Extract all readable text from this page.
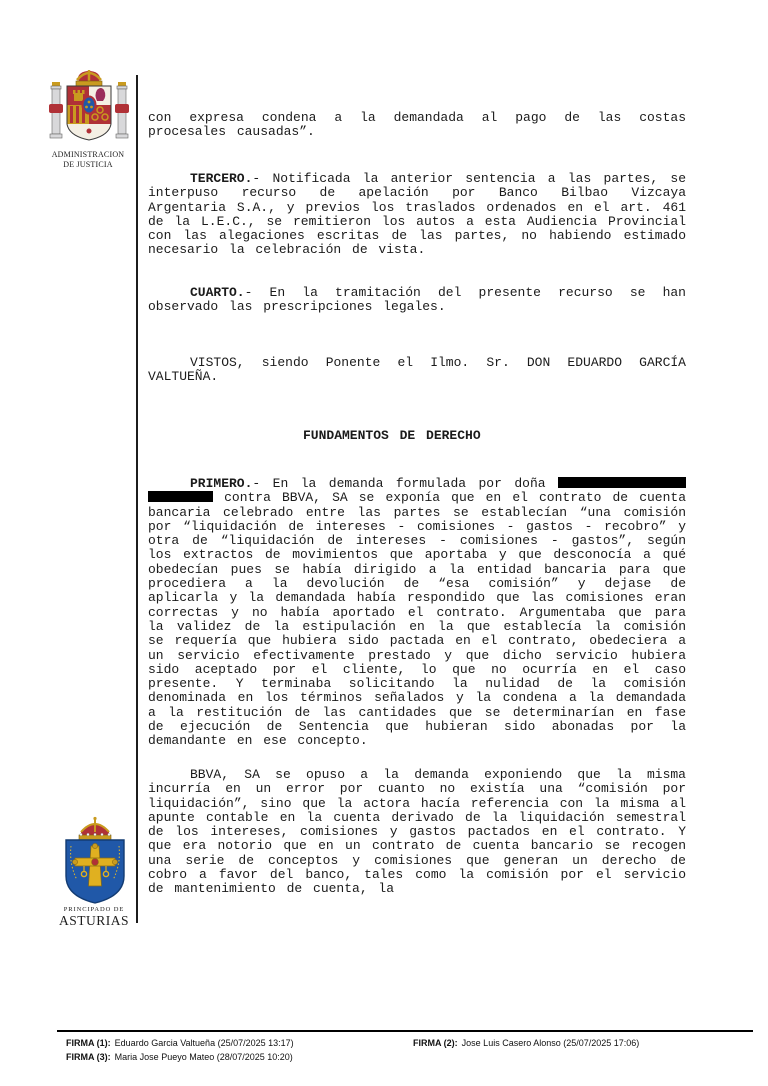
ADMINISTRACION
DE JUSTICIA
PRINCIPADO DE
ASTURIAS

con expresa condena a la demandada al pago de las costas procesales causadas”.

TERCERO.- Notificada la anterior sentencia a las partes, se interpuso recurso de apelación por Banco Bilbao Vizcaya Argentaria S.A., y previos los traslados ordenados en el art. 461 de la L.E.C., se remitieron los autos a esta Audiencia Provincial con las alegaciones escritas de las partes, no habiendo estimado necesario la celebración de vista.

CUARTO.- En la tramitación del presente recurso se han observado las prescripciones legales.

VISTOS, siendo Ponente el Ilmo. Sr. DON EDUARDO GARCÍA VALTUEÑA.

FUNDAMENTOS DE DERECHO

PRIMERO.- En la demanda formulada por doña   contra BBVA, SA se exponía que en el contrato de cuenta bancaria celebrado entre las partes se establecían “una comisión por “liquidación de intereses - comisiones - gastos - recobro” y otra de “liquidación de intereses - comisiones - gastos”, según los extractos de movimientos que aportaba y que desconocía a qué obedecían pues se había dirigido a la entidad bancaria para que procediera a la devolución de “esa comisión” y dejase de aplicarla y la demandada había respondido que las comisiones eran correctas y no había aportado el contrato. Argumentaba que para la validez de la estipulación en la que establecía la comisión se requería que hubiera sido pactada en el contrato, obedeciera a un servicio efectivamente prestado y que dicho servicio hubiera sido aceptado por el cliente, lo que no ocurría en el caso presente. Y terminaba solicitando la nulidad de la comisión denominada en los términos señalados y la condena a la demandada a la restitución de las cantidades que se determinarían en fase de ejecución de Sentencia que hubieran sido abonadas por la demandante en ese concepto.

BBVA, SA se opuso a la demanda exponiendo que la misma incurría en un error por cuanto no existía una “comisión por liquidación”, sino que la actora hacía referencia con la misma al apunte contable en la cuenta derivado de la liquidación semestral de los intereses, comisiones y gastos pactados en el contrato. Y que era notorio que en un contrato de cuenta bancario se recogen una serie de conceptos y comisiones que generan un derecho de cobro a favor del banco, tales como la comisión por el servicio de mantenimiento de cuenta, la

FIRMA (1): Eduardo Garcia Valtueña (25/07/2025 13:17)	FIRMA (2): Jose Luis Casero Alonso (25/07/2025 17:06)
FIRMA (3): Maria Jose Pueyo Mateo (28/07/2025 10:20)
